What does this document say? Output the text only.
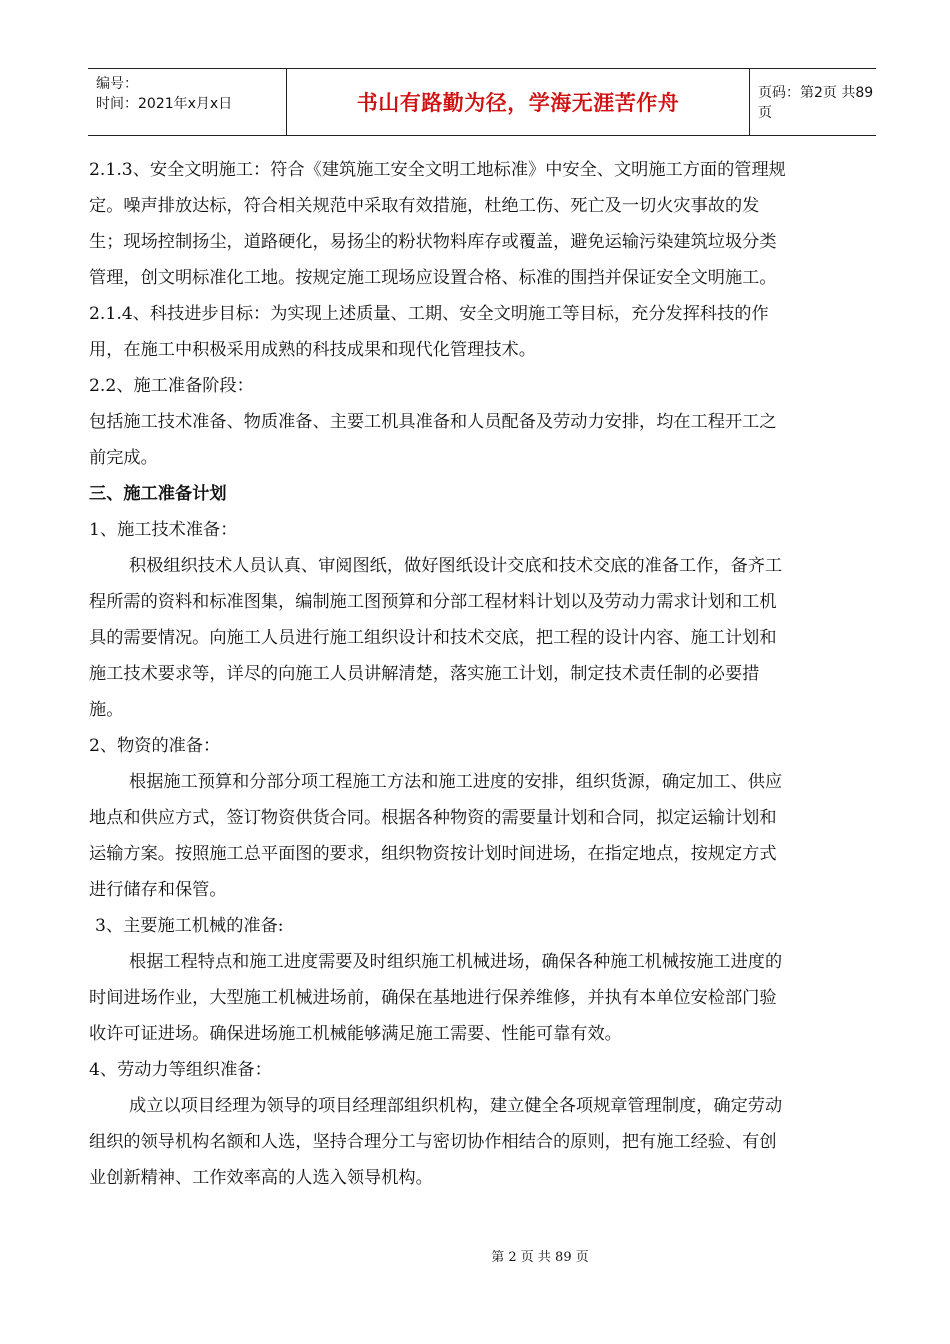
编号：
时间：2021年x月x日	书山有路勤为径，学海无涯苦作舟	页码：第2页 共89页
2.1.3、安全文明施工：符合《建筑施工安全文明工地标准》中安全、文明施工方面的管理规
定。噪声排放达标，符合相关规范中采取有效措施，杜绝工伤、死亡及一切火灾事故的发
生；现场控制扬尘，道路硬化，易扬尘的粉状物料库存或覆盖，避免运输污染建筑垃圾分类
管理，创文明标准化工地。按规定施工现场应设置合格、标准的围挡并保证安全文明施工。
2.1.4、科技进步目标：为实现上述质量、工期、安全文明施工等目标，充分发挥科技的作
用，在施工中积极采用成熟的科技成果和现代化管理技术。
2.2、施工准备阶段：
包括施工技术准备、物质准备、主要工机具准备和人员配备及劳动力安排，均在工程开工之
前完成。
三、施工准备计划
1、施工技术准备：
积极组织技术人员认真、审阅图纸，做好图纸设计交底和技术交底的准备工作，备齐工
程所需的资料和标准图集，编制施工图预算和分部工程材料计划以及劳动力需求计划和工机
具的需要情况。向施工人员进行施工组织设计和技术交底，把工程的设计内容、施工计划和
施工技术要求等，详尽的向施工人员讲解清楚，落实施工计划，制定技术责任制的必要措
施。
2、物资的准备：
根据施工预算和分部分项工程施工方法和施工进度的安排，组织货源，确定加工、供应
地点和供应方式，签订物资供货合同。根据各种物资的需要量计划和合同，拟定运输计划和
运输方案。按照施工总平面图的要求，组织物资按计划时间进场，在指定地点，按规定方式
进行储存和保管。
3、主要施工机械的准备:
根据工程特点和施工进度需要及时组织施工机械进场，确保各种施工机械按施工进度的
时间进场作业，大型施工机械进场前，确保在基地进行保养维修，并执有本单位安检部门验
收许可证进场。确保进场施工机械能够满足施工需要、性能可靠有效。
4、劳动力等组织准备：
成立以项目经理为领导的项目经理部组织机构，建立健全各项规章管理制度，确定劳动
组织的领导机构名额和人选，坚持合理分工与密切协作相结合的原则，把有施工经验、有创
业创新精神、工作效率高的人选入领导机构。
第 2 页 共 89 页
